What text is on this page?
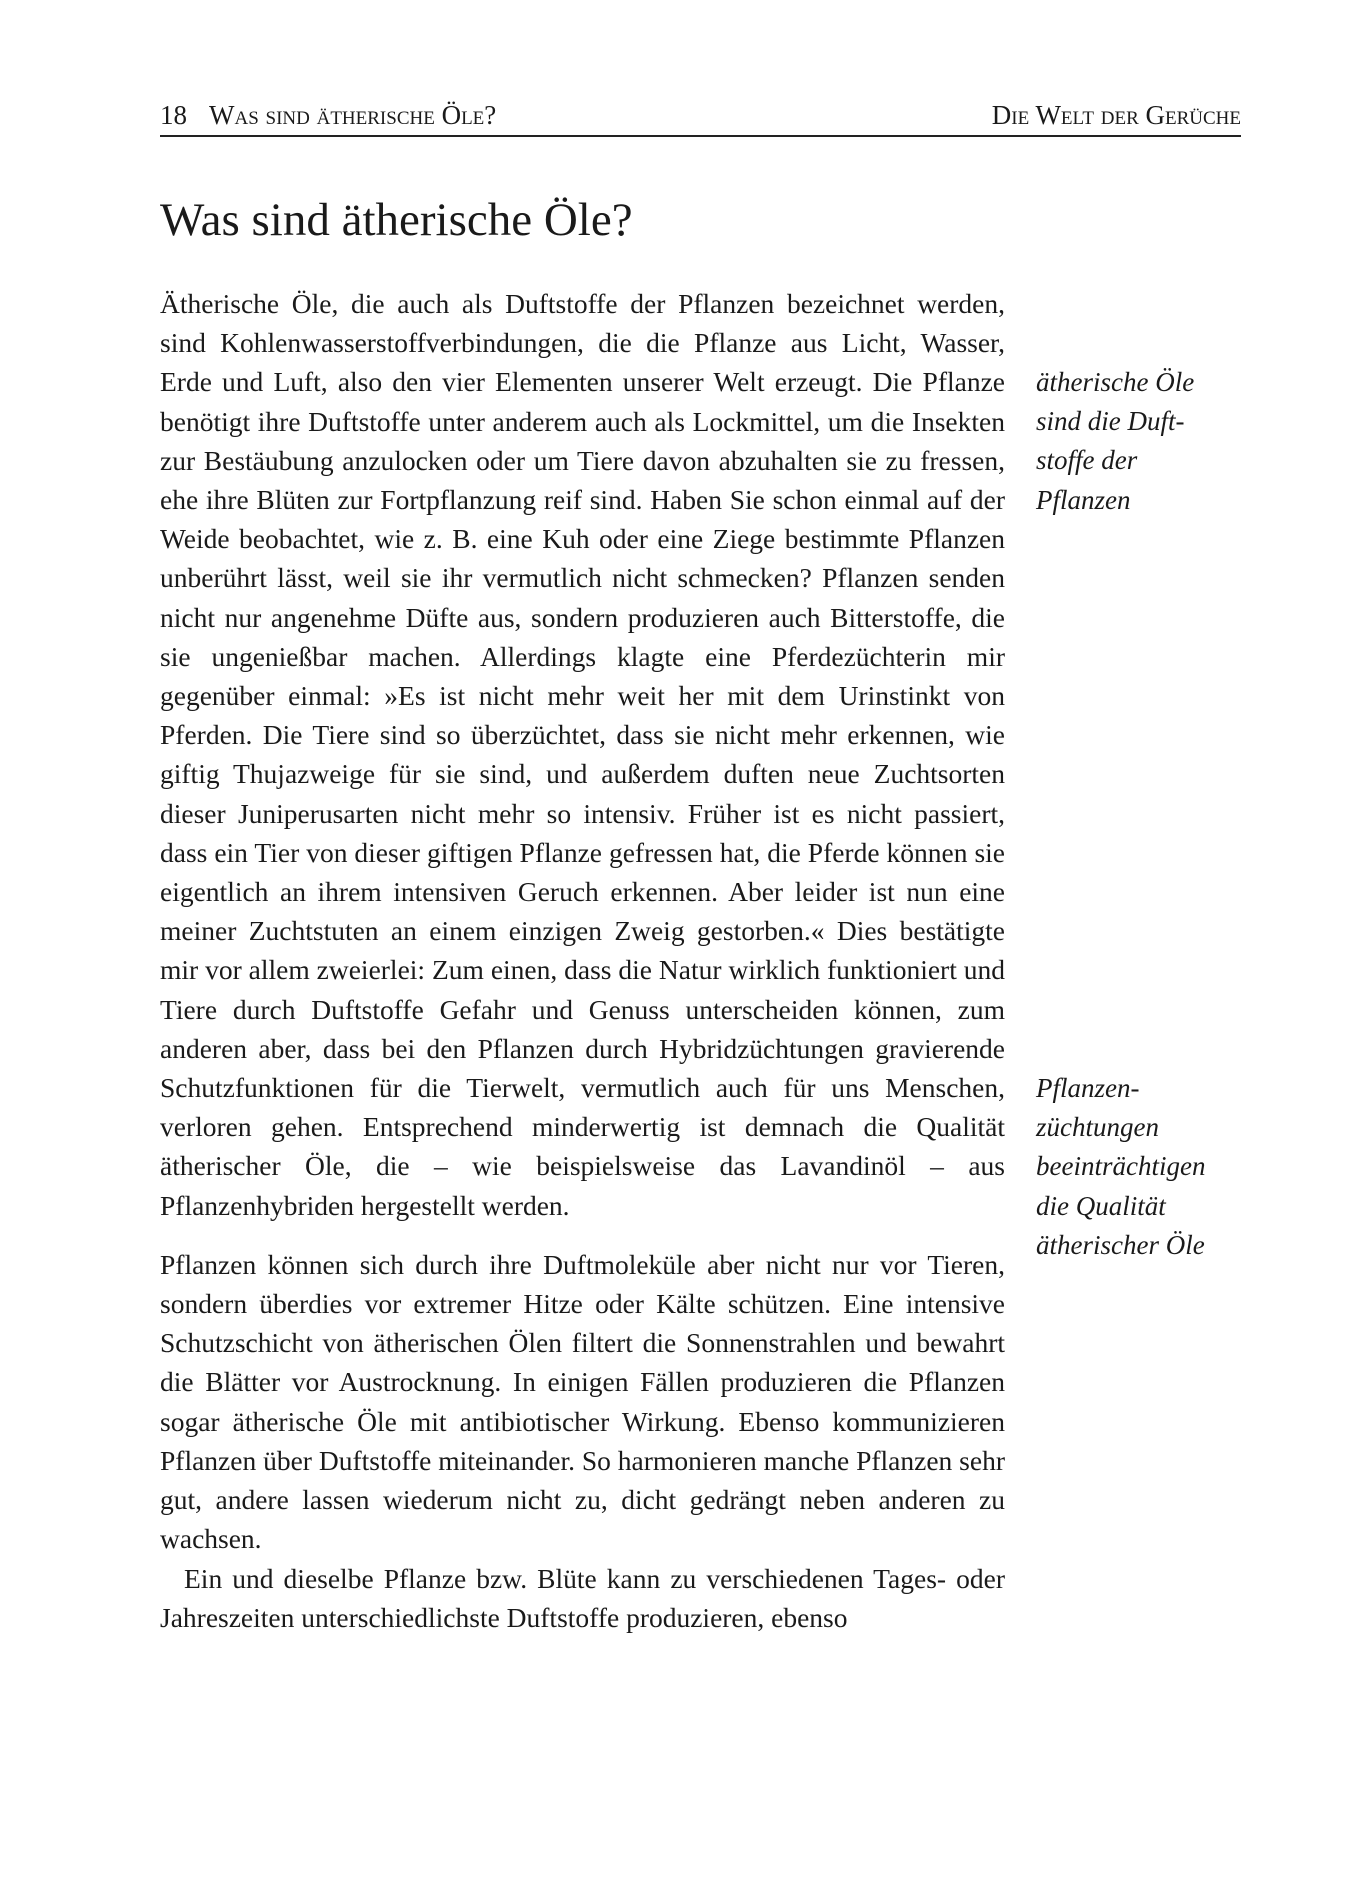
18 Was sind ätherische Öle?	Die Welt der Gerüche
Was sind ätherische Öle?

Ätherische Öle, die auch als Duftstoffe der Pflanzen bezeichnet werden, sind Kohlenwasserstoffverbindungen, die die Pflanze aus Licht, Wasser, Erde und Luft, also den vier Elementen unserer Welt erzeugt. Die Pflanze benötigt ihre Duftstoffe unter anderem auch als Lockmittel, um die Insekten zur Bestäubung anzulocken oder um Tiere davon abzuhalten sie zu fressen, ehe ihre Blüten zur Fortpflanzung reif sind. Haben Sie schon einmal auf der Weide beobachtet, wie z. B. eine Kuh oder eine Ziege bestimmte Pflanzen unberührt lässt, weil sie ihr vermutlich nicht schmecken? Pflanzen senden nicht nur angenehme Düfte aus, sondern produzieren auch Bitterstoffe, die sie ungenießbar machen. Allerdings klagte eine Pferdezüchterin mir gegenüber einmal: »Es ist nicht mehr weit her mit dem Urinstinkt von Pferden. Die Tiere sind so überzüchtet, dass sie nicht mehr erkennen, wie giftig Thujazweige für sie sind, und außerdem duften neue Zuchtsorten dieser Juniperusarten nicht mehr so intensiv. Früher ist es nicht passiert, dass ein Tier von dieser giftigen Pflanze gefressen hat, die Pferde können sie eigentlich an ihrem intensiven Geruch erkennen. Aber leider ist nun eine meiner Zuchtstuten an einem einzigen Zweig gestorben.« Dies bestätigte mir vor allem zweierlei: Zum einen, dass die Natur wirklich funktioniert und Tiere durch Duftstoffe Gefahr und Genuss unterscheiden können, zum anderen aber, dass bei den Pflanzen durch Hybridzüchtungen gravierende Schutzfunktionen für die Tierwelt, vermutlich auch für uns Menschen, verloren gehen. Entsprechend minderwertig ist demnach die Qualität ätherischer Öle, die – wie beispielsweise das Lavandinöl – aus Pflanzenhybriden hergestellt werden.

Pflanzen können sich durch ihre Duftmoleküle aber nicht nur vor Tieren, sondern überdies vor extremer Hitze oder Kälte schützen. Eine intensive Schutzschicht von ätherischen Ölen filtert die Sonnenstrahlen und bewahrt die Blätter vor Austrocknung. In einigen Fällen produzieren die Pflanzen sogar ätherische Öle mit antibiotischer Wirkung. Ebenso kommunizieren Pflanzen über Duftstoffe miteinander. So harmonieren manche Pflanzen sehr gut, andere lassen wiederum nicht zu, dicht gedrängt neben anderen zu wachsen.

Ein und dieselbe Pflanze bzw. Blüte kann zu verschiedenen Tages- oder Jahreszeiten unterschiedlichste Duftstoffe produzieren, ebenso

ätherische Öle
sind die Duft-
stoffe der
Pflanzen
Pflanzen-
züchtungen
beeinträchtigen
die Qualität
ätherischer Öle
